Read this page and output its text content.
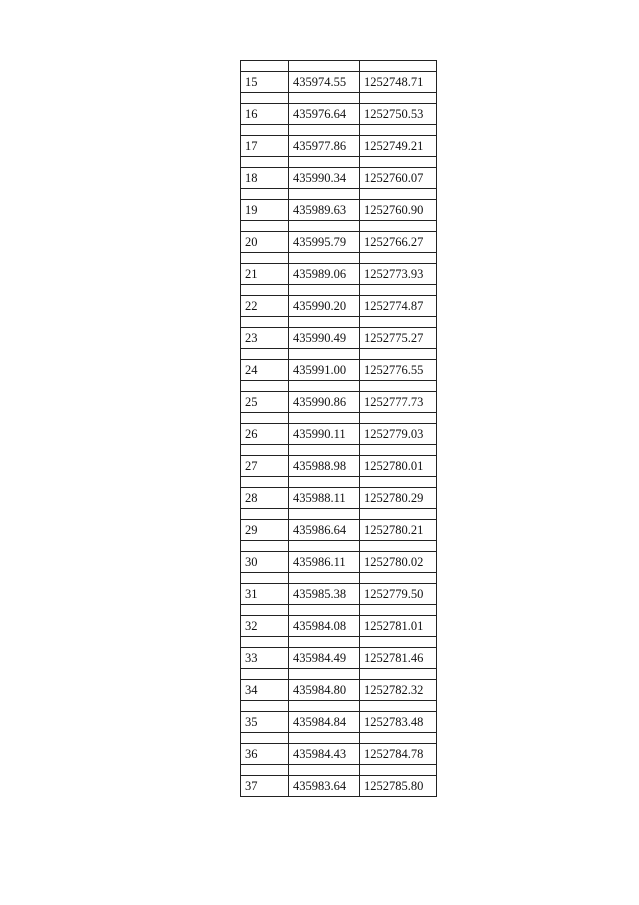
15	435974.55	1252748.71

16	435976.64	1252750.53

17	435977.86	1252749.21

18	435990.34	1252760.07

19	435989.63	1252760.90

20	435995.79	1252766.27

21	435989.06	1252773.93

22	435990.20	1252774.87

23	435990.49	1252775.27

24	435991.00	1252776.55

25	435990.86	1252777.73

26	435990.11	1252779.03

27	435988.98	1252780.01

28	435988.11	1252780.29

29	435986.64	1252780.21

30	435986.11	1252780.02

31	435985.38	1252779.50

32	435984.08	1252781.01

33	435984.49	1252781.46

34	435984.80	1252782.32

35	435984.84	1252783.48

36	435984.43	1252784.78

37	435983.64	1252785.80
